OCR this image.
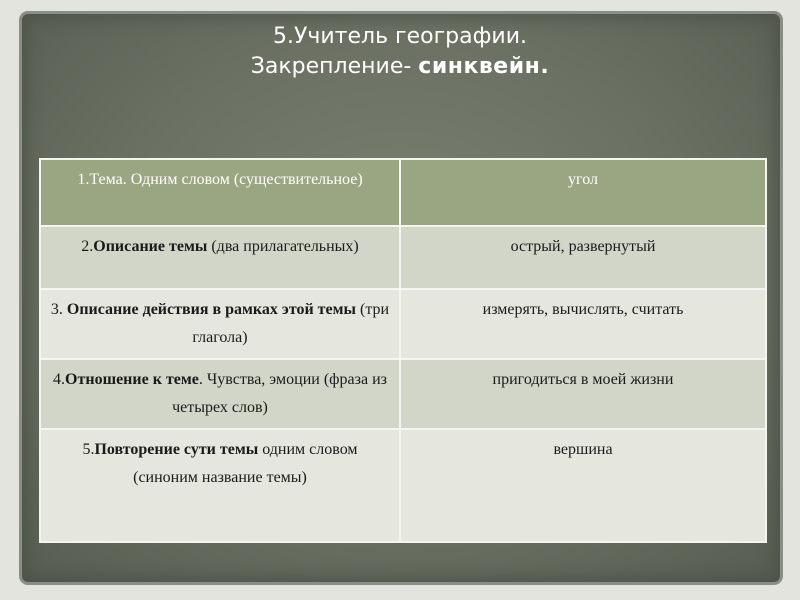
5.Учитель географии.
Закрепление- синквейн.
1.Тема. Одним словом (существительное)	угол
2.Описание темы (два прилагательных)	острый, развернутый
3. Описание действия в рамках этой темы (три глагола)	измерять, вычислять, считать
4.Отношение к теме. Чувства, эмоции (фраза из четырех слов)	пригодиться в моей жизни
5.Повторение сути темы одним словом (синоним название темы)	вершина
